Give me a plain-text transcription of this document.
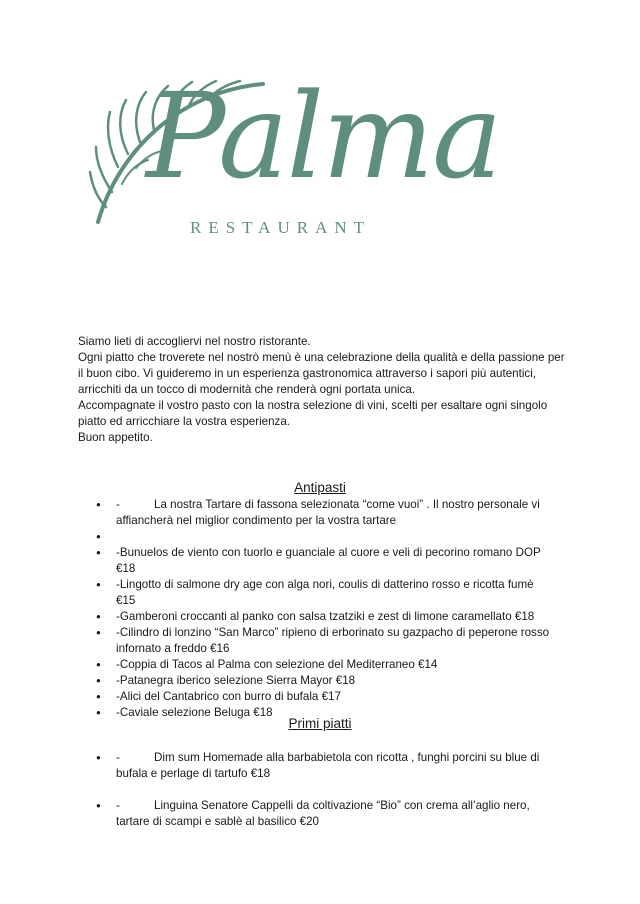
Palma
RESTAURANT

Siamo lieti di accogliervi nel nostro ristorante.

Ogni piatto che troverete nel nostrò menù è una celebrazione della qualità e della passione per il buon cibo. Vi guideremo in un esperienza gastronomica attraverso i sapori più autentici, arricchiti da un tocco di modernità che renderà ogni portata unica.

Accompagnate il vostro pasto con la nostra selezione di vini, scelti per esaltare ogni singolo piatto ed arricchiare la vostra esperienza.

Buon appetito.

Antipasti
● -	La nostra Tartare di fassona selezionata “come vuoi” . Il nostro personale vi affiancherà nel miglior condimento per la vostra tartare
●
● -Bunuelos de viento con tuorlo e guanciale al cuore e veli di pecorino romano DOP €18
● -Lingotto di salmone dry age con alga nori, coulis di datterino rosso e ricotta fumè €15
● -Gamberoni croccanti al panko con salsa tzatziki e zest di limone caramellato €18
● -Cilindro di lonzino “San Marco” ripieno di erborinato su gazpacho di peperone rosso infornato a freddo €16
● -Coppia di Tacos al Palma con selezione del Mediterraneo €14
● -Patanegra iberico selezione Sierra Mayor €18
● -Alici del Cantabrico con burro di bufala €17
● -Caviale selezione Beluga €18
Primi piatti
● -	Dim sum Homemade alla barbabietola con ricotta , funghi porcini su blue di bufala e perlage di tartufo €18
● -	Linguina Senatore Cappelli da coltivazione “Bio” con crema all’aglio nero, tartare di scampi e sablè al basilico €20
